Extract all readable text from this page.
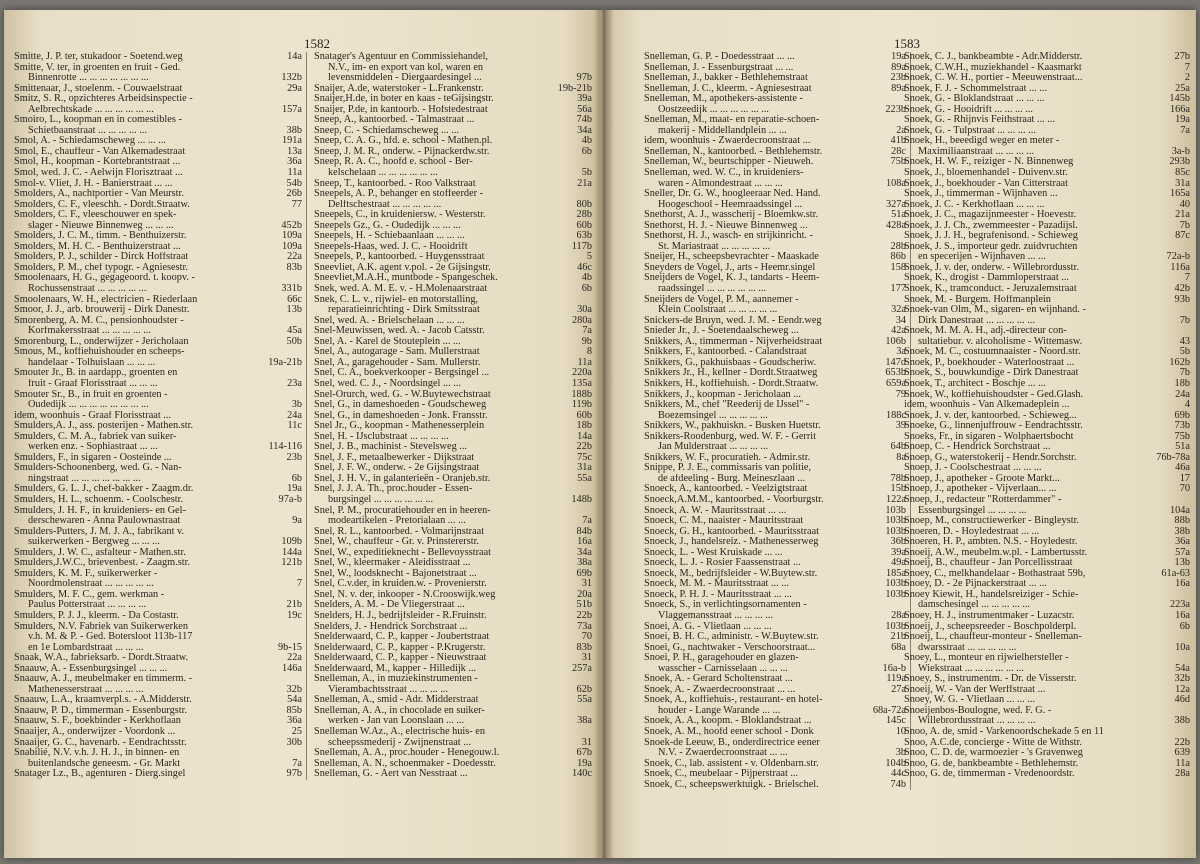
1582
Smitte, J. P. ter, stukadoor - Soetend.weg	14a
Smitte, V. ter, in groenten en fruit - Ged.
Binnenrotte ... ... ... ... ... ... ...	132b
Smittenaar, J., stoelenm. - Couwaelstraat	29a
Smitz, S. R., opzichteres Arbeidsinspectie -
Aelbrechtskade ... ... ... ... ... ...	157a
Smoiro, L., koopman en in comestibles -
Schietbaanstraat ... ... ... ... ...	38b
Smol, A. - Schiedamscheweg ... ... ...	191a
Smol, E., chauffeur - Van Alkemadestraat	13a
Smol, H., koopman - Kortebrantstraat ...	36a
Smol, wed. J. C. - Aelwijn Florisztraat ...	11a
Smol-v. Vliet, J. H. - Banierstraat ... ...	54b
Smolders, A., nachtportier - Van Meurstr.	26b
Smolders, C. F., vleeschh. - Dordt.Straatw.	77
Smolders, C. F., vleeschouwer en spek-
slager - Nieuwe Binnenweg ... ... ...	452b
Smolders, J. C. M., timm. - Benthuizerstr.	109a
Smolders, M. H. C. - Benthuizerstraat ...	109a
Smolders, P. J., schilder - Dirck Hoffstraat	22a
Smolders, P. M., chef typogr. - Agniesestr.	83b
Smoolenaars, H. G., gegageoord. t. koopv. -
Rochussenstraat ... ... ... ... ...	331b
Smoolenaars, W. H., electricien - Riederlaan	66c
Smoor, J. J., arb. brouwerij - Dirk Danestr.	13b
Smorenberg, A. M. C., pensionhoudster -
Korfmakersstraat ... ... ... ... ...	45a
Smorenburg, L., onderwijzer - Jericholaan	50b
Smous, M., koffiehuishouder en scheeps-
handelaar - Tolhuislaan ... ... ...	19a-21b
Smouter Jr., B. in aardapp., groenten en
fruit - Graaf Florisstraat ... ... ...	23a
Smouter Sr., B., in fruit en groenten -
Oudedijk ... ... ... ... ... ... ... ...	3b
idem, woonhuis - Graaf Florisstraat ...	24a
Smulders,A. J., ass. posterijen - Mathen.str.	11c
Smulders, C. M. A., fabriek van suiker-
werken enz. - Sophiastraat ... ...	114-116
Smulders, F., in sigaren - Oosteinde ...	23b
Smulders-Schoonenberg, wed. G. - Nan-
ningstraat ... ... ... ... ... ... ...	6b
Smulders, G. L. J., chef-bakker - Zaagm.dr.	19a
Smulders, H. L., schoenm. - Coolschestr.	97a-b
Smulders, J. H. F., in kruideniers- en Gel-
derschewaren - Anna Paulownastraat	9a
Smulders-Putters, J. M. J. A., fabrikant v.
suikerwerken - Bergweg ... ... ...	109b
Smulders, J. W. C., asfalteur - Mathen.str.	144a
Smulders,J.W.C., brievenbest. - Zaagm.str.	121b
Smulders, K. M. F., suikerwerker -
Noordmolenstraat ... ... ... ... ...	7
Smulders, M. F. C., gem. werkman -
Paulus Potterstraat ... ... ... ...	21b
Smulders, P. J. J., kleerm. - Da Costastr.	19c
Smulders, N.V. Fabriek van Suikerwerken
v.h. M. & P. - Ged. Botersloot 113b-117
en 1e Lombardstraat ... ... ...	9b-15
Snaak, W.A., fabrieksarb. - Dordt.Straatw.	22a
Snaauw, A. - Essenburgsingel ... ... ...	146a
Snaauw, A. J., meubelmaker en timmerm. -
Mathenesserstraat ... ... ... ...	32b
Snaauw, L.A., kraamverpl.s. - A.Midderstr.	54a
Snaauw, P. D., timmerman - Essenburgstr.	85b
Snaauw, S. F., boekbinder - Kerkhoflaan	36a
Snaaijer, A., onderwijzer - Voordonk ...	25
Snaaijer, G. C., havenarb. - Eendrachtsstr.	30b
Snabilié, N.V. v.h. J. H. J., in binnen- en
buitenlandsche geneesm. - Gr. Markt	7a
Snatager Lz., B., agenturen - Dierg.singel	97b
Snatager's Agentuur en Commissiehandel,
N.V., im- en export van kol, waren en
levensmiddelen - Diergaardesingel ...	97b
Snaijer, A.de, waterstoker - L.Frankenstr.	19b-21b
Snaijer,H.de, in boter en kaas - teGijsingstr.	39a
Snaijer, P.de, in kantoorb. - Hofstedestraat	56a
Sneep, A., kantoorbed. - Talmastraat ...	74b
Sneep, C. - Schiedamscheweg ... ...	34a
Sneep, C. A. G., hfd. e. school - Mathen.pl.	4b
Sneep, J. M. R., onderw. - Pijnackerdw.str.	6b
Sneep, R. A. C., hoofd e. school - Ber-
kelschelaan ... ... ... ... ... ...	5b
Sneep, T., kantoorbed. - Roo Valkstraat	21a
Sneepels, A. P., behanger en stoffeerder -
Delftschestraat ... ... ... ... ...	80b
Sneepels, C., in kruideniersw. - Westerstr.	28b
Sneepels Gz., G. - Oudedijk ... ... ...	60b
Sneepels, H. - Schiebaanlaan ... ... ...	63b
Sneepels-Haas, wed. J. C. - Hooidrift	117b
Sneepels, P., kantoorbed. - Huygensstraat	5
Sneevliet, A.K. agent v.pol. - 2e Gijsingstr.	46c
Sneevliet,M.A.H., muntbode - Spangeschek.	4b
Snek, wed. A. M. E. v. - H.Molenaarstraat	6b
Snek, C. L. v., rijwiel- en motorstalling,
reparatieinrichting - Dirk Smitsstraat	30a
Snel, wed. A. - Brielschelaan ... ... ...	280a
Snel-Meuwissen, wed. A. - Jacob Catsstr.	7a
Snel, A. - Karel de Stouteplein ... ...	9b
Snel, A., autogarage - Sam. Mullerstraat	8
Snel, A., garagehouder - Sam. Mullerstr.	11a
Snel, C. A., boekverkooper - Bergsingel ...	220a
Snel, wed. C. J., - Noordsingel ... ...	135a
Snel-Orurch, wed. G. - W.Buytewechstraat	188b
Snel, G., in dameshoeden - Goudscheweg	119b
Snel, G., in dameshoeden - Jonk. Fransstr.	60b
Snel Jr., G., koopman - Mathenesserplein	18b
Snel, H. - IJsclubstraat ... ... ... ...	14a
Snel, J. B., machinist - Stevelsweg ...	22b
Snel, J. F., metaalbewerker - Dijkstraat	75c
Snel, J. F. W., onderw. - 2e Gijsingstraat	31a
Snel, J. H. V., in galanterieën - Oranjeb.str.	55a
Snel, J. J. A. Th., proc.houder - Essen-
burgsingel ... ... ... ... ... ...	148b
Snel, P. M., procuratiehouder en in heeren-
modeartikelen - Pretorialaan ... ...	7a
Snel, R. L., kantoorbed. - Volmarijnstraat	84b
Snel, W., chauffeur - Gr. v. Prinstererstr.	16a
Snel, W., expeditieknecht - Bellevoysstraat	34a
Snel, W., kleermaker - Aleidisstraat ...	38a
Snel, W., loodsknecht - Bajonetstraat ...	69b
Snel, C.v.der, in kruiden.w. - Provenierstr.	31
Snel, N. v. der, inkooper - N.Crooswijk.weg	20a
Snelders, A. M. - De Vliegerstraat ...	51b
Snelders, H. J., bedrijfsleider - R.Fruinstr.	22b
Snelders, J. - Hendrick Sorchstraat ...	73a
Snelderwaard, C. P., kapper - Joubertstraat	70
Snelderwaard, C. P., kapper - P.Krugerstr.	83b
Snelderwaard, C. P., kapper - Nieuwstraat	31
Snelderwaard, M., kapper - Hilledijk ...	257a
Snelleman, A., in muziekinstrumenten -
Vierambachtsstraat ... ... ... ...	62b
Snelleman, A., smid - Adr. Midderstraat	55a
Snelleman, A. A., in chocolade en suiker-
werken - Jan van Loonslaan ... ...	38a
Snelleman W.Az., A., electrische huis- en
scheepssmederij - Zwijnenstraat ...	31
Snelleman, A. A., proc.houder - Henegouw.l.	67b
Snelleman, A. N., schoenmaker - Doedesstr.	19a
Snelleman, G. - Aert van Nesstraat ...	140c
1583
Snelleman, G. P. - Doedesstraat ... ...	19a
Snelleman, J. - Essenburgstraat ... ...	89a
Snelleman, J., bakker - Bethlehemstraat	23b
Snelleman, J. C., kleerm. - Agniesestraat	89a
Snelleman, M., apothekers-assistente -
Oostzeedijk ... ... ... ... ... ...	223b
Snelleman, M., maat- en reparatie-schoen-
makerij - Middellandplein ... ...	2a
idem, woonhuis - Zwaerdecroonstraat ...	41b
Snelleman, N., kantoorbed. - Bethlehemstr.	28c
Snelleman, W., beurtschipper - Nieuweh.	75b
Snelleman, wed. W. C., in kruideniers-
waren - Almondestraat ... ... ...	108a
Sneller, Dr. G. W., hoogleeraar Ned. Hand.
Hoogeschool - Heemraadssingel ...	327a
Snethorst, A. J., wasscherij - Bloemkw.str.	51a
Snethorst, H. J. - Nieuwe Binnenweg ...	428a
Snethorst, H. J., wasch- en strijkinricht. -
St. Mariastraat ... ... ... ... ...	28b
Sneijer, H., scheepsbevrachter - Maaskade	86b
Sneyders de Vogel, J., arts - Heemr.singel	158
Sneijders de Vogel, K. J., tandarts - Heem-
raadssingel ... ... ... ... ... ...	177
Sneijders de Vogel, P. M., aannemer -
Klein Coolstraat ... ... ... ... ...	32a
Snickers-de Bruyn, wed. J. M. - Eendr.weg	34
Snieder Jr., J. - Soetendaalscheweg ...	42a
Snikkers, A., timmerman - Nijverheidstraat	106b
Snikkers, F., kantoorbed. - Calandstraat	3a
Snikkers, G., pakhuisbaas - Goudscheriw.	147d
Snikkers Jr., H., kellner - Dordt.Straatweg	653b
Snikkers, H., koffiehuish. - Dordt.Straatw.	659a
Snikkers, J., koopman - Jericholaan ...	79
Snikkers, M., chef "Reederij de IJssel" -
Boezemsingel ... ... ... ... ...	188c
Snikkers, W., pakhuiskn. - Busken Huetstr.	39
Snikkers-Roodenburg, wed. W. F. - Gerrit
Jan Mulderstraat ... ... ... ...	64b
Snikkers, W. F., procuratieh. - Admir.str.	8a
Snippe, P. J. E., commissaris van politie,
de afdeeling - Burg. Meineszlaan ...	78b
Snoeck, A., kantoorbed. - Veelzigtstraat	15b
Snoeck,A.M.M., kantoorbed. - Voorburgstr.	122a
Snoeck, A. W. - Mauritsstraat ... ...	103b
Snoeck, C. M., naaister - Mauritsstraat	103b
Snoeck, G. H., kantoorbed. - Mauritsstraat	103b
Snoeck, J., handelsreiz. - Mathenesserweg	36b
Snoeck, L. - West Kruiskade ... ...	39a
Snoeck, L. J. - Rosier Faassenstraat ...	49a
Snoeck, M., bedrijfsleider - W.Buytew.str.	185a
Snoeck, M. M. - Mauritsstraat ... ...	103b
Snoeck, P. H. J. - Mauritsstraat ... ...	103b
Snoeck, S., in verlichtingsornamenten -
Vlaggemansstraat ... ... ... ...	28a
Snoei, A. G. - Vlietlaan ... ... ...	103b
Snoei, B. H. C., administr. - W.Buytew.str.	21b
Snoei, G., nachtwaker - Verschoorstraat...	68a
Snoei, P. H., garagehouder en glazen-
wasscher - Carnisselaan ... ... ...	16a-b
Snoek, A. - Gerard Scholtenstraat ...	119a
Snoek, A. - Zwaerdecroonstraat ... ...	27a
Snoek, A., koffiehuis-, restaurant- en hotel-
houder - Lange Warande ... ...	68a-72a
Snoek, A. A., koopm. - Bloklandstraat ...	145c
Snoek, A. M., hoofd eener school - Donk	10
Snoek-de Leeuw, B., onderdirectrice eener
N.V. - Zwaerdecroonstraat ... ...	3b
Snoek, C., lab. assistent - v. Oldenbarn.str.	104b
Snoek, C., meubelaar - Pijperstraat ...	44c
Snoek, C., scheepswerktuigk. - Brielschel.	74b
Snoek, C. J., bankbeambte - Adr.Midderstr.	27b
Snoek, C.W.H., muziekhandel - Kaasmarkt	7
Snoek, C. W. H., portier - Meeuwenstraat...	2
Snoek, F. J. - Schommelstraat ... ...	25a
Snoek, G. - Bloklandstraat ... ... ...	145b
Snoek, G. - Hooidrift ... ... ... ...	166a
Snoek, G. - Rhijnvis Feithstraat ... ...	19a
Snoek, G. - Tulpstraat ... ... ... ...	7a
Snoek, H., beeedigd weger en meter -
Maximiliaanstraat ... ... ... ...	3a-b
Snoek, H. W. F., reiziger - N. Binnenweg	293b
Snoek, J., bloemenhandel - Duivenv.str.	85c
Snoek, J., boekhouder - Van Citterstraat	31a
Snoek, J., timmerman - Wijnhaven ...	165a
Snoek, J. C. - Kerkhoflaan ... ... ...	40
Snoek, J. C., magazijnmeester - Hoevestr.	21a
Snoek, J. J. Ch., zwemmeester - Pazadijsl.	7b
Snoek, J. J. H., begrafenisond. - Schieweg	87c
Snoek, J. S., importeur gedr. zuidvruchten
en specerijen - Wijnhaven ... ...	72a-b
Snoek, J. v. der, onderw. - Willebrordusstr.	116a
Snoek, K., drogist - Dammloperstraat ...	7
Snoek, K., tramconduct. - Jeruzalemstraat	42b
Snoek, M. - Burgem. Hoffmanplein	93b
Snoek-van Olm, M., sigaren- en wijnhand. -
Dirk Danestraat ... ... ... ... ...	7b
Snoek, M. M. A. H., adj.-directeur con-
sultatiebur. v. alcoholisme - Wittemasw.	43
Snoek, M. C., costuumnaaister - Noord.str.	5b
Snoek, P., boekhouder - Waterloostraat ...	162b
Snoek, S., bouwkundige - Dirk Danestraat	7b
Snoek, T., architect - Boschje ... ...	18b
Snoek, W., koffiehuishoudster - Ged.Glash.	24a
idem, woonhuis - Van Alkemadeplein ...	4
Snoek, J. v. der, kantoorbed. - Schieweg...	69b
Snoeke, G., linnenjuffrouw - Eendrachtsstr.	73b
Snoeks, Fr., in sigaren - Wolphaertsbocht	75b
Snoep, C. - Hendrick Sorchstraat ...	51a
Snoep, G., waterstokerij - Hendr.Sorchstr.	76b-78a
Snoep, J. - Coolschestraat ... ... ...	46a
Snoep, J., apotheker - Groote Markt...	17
Snoep, J., apotheker - Vijverlaan... ...	70
Snoep, J., redacteur "Rotterdammer" -
Essenburgsingel ... ... ... ...	104a
Snoep, M., constructiewerker - Bingleystr.	88b
Snoeren, D. - Hoyledestraat ... ...	38b
Snoeren, H. P., ambten. N.S. - Hoyledestr.	36a
Snoeij, A.W., meubelm.w.pl. - Lambertusstr.	57a
Snoeij, B., chauffeur - Jan Porcellisstraat	13b
Snoey, C., melkhandelaar - Bothastraat 59b,	61a-63
Snoey, D. - 2e Pijnackerstraat ... ...	16a
Snoey Kiewit, H., handelsreiziger - Schie-
damschesingel ... ... ... ... ...	223a
Snoey, H. J., instrumentmaker - Luzacstr.	16a
Snoeij, J., scheepsreeder - Boschpolderpl.	6b
Snoeij, L., chauffeur-monteur - Snelleman-
dwarsstraat ... ... ... ... ...	10a
Snoey, L., monteur en rijwielhersteller -
Wiekstraat ... ... ... ... ... ...	54a
Snoey, S., instrumentm. - Dr. de Visserstr.	32b
Snoeij, W. - Van der Werffstraat ...	12a
Snoey, W. G. - Vlietlaan ... ... ...	46d
Snoeijenbos-Boulogne, wed. F. G. -
Willebrordusstraat ... ... ... ...	38b
Snoo, A. de, smid - Varkenoordschekade 5 en 11
Snoo, A.C.de, concierge - Witte de Withstr.	22b
Snoo, C. D. de, warmoezier - 's Gravenweg	639
Snoo, G. de, bankbeambte - Bethlehemstr.	11a
Snoo, G. de, timmerman - Vredenoordstr.	28a
